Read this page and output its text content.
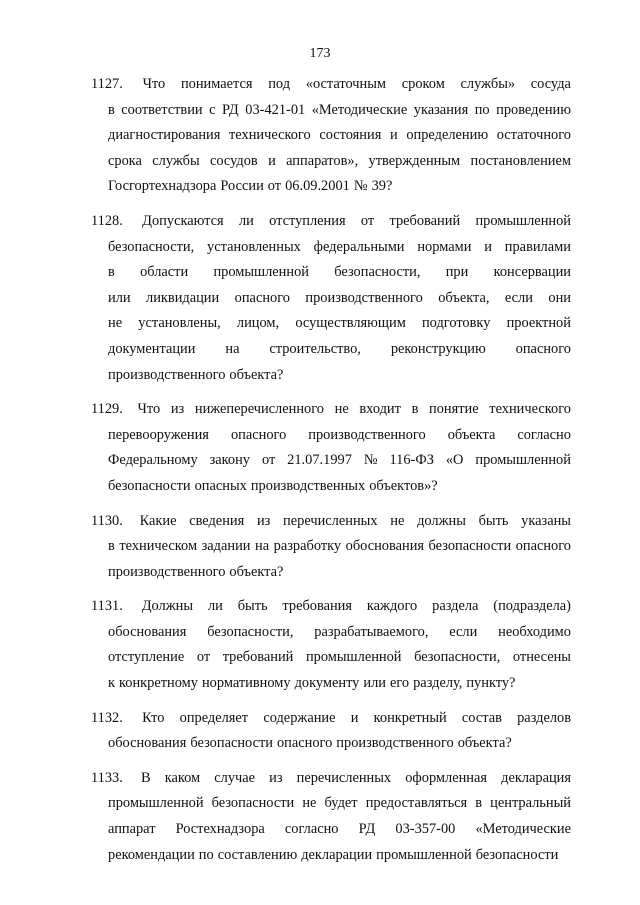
173
1127. Что понимается под «остаточным сроком службы» сосуда
в соответствии с РД 03-421-01 «Методические указания по проведению
диагностирования технического состояния и определению остаточного
срока службы сосудов и аппаратов», утвержденным постановлением
Госгортехнадзора России от 06.09.2001 № 39?
1128. Допускаются ли отступления от требований промышленной
безопасности, установленных федеральными нормами и правилами
в области промышленной безопасности, при консервации
или ликвидации опасного производственного объекта, если они
не установлены, лицом, осуществляющим подготовку проектной
документации на строительство, реконструкцию опасного
производственного объекта?
1129. Что из нижеперечисленного не входит в понятие технического
перевооружения опасного производственного объекта согласно
Федеральному закону от 21.07.1997 № 116-ФЗ «О промышленной
безопасности опасных производственных объектов»?
1130. Какие сведения из перечисленных не должны быть указаны
в техническом задании на разработку обоснования безопасности опасного
производственного объекта?
1131. Должны ли быть требования каждого раздела (подраздела)
обоснования безопасности, разрабатываемого, если необходимо
отступление от требований промышленной безопасности, отнесены
к конкретному нормативному документу или его разделу, пункту?
1132. Кто определяет содержание и конкретный состав разделов
обоснования безопасности опасного производственного объекта?
1133. В каком случае из перечисленных оформленная декларация
промышленной безопасности не будет предоставляться в центральный
аппарат Ростехнадзора согласно РД 03-357-00 «Методические
рекомендации по составлению декларации промышленной безопасности
